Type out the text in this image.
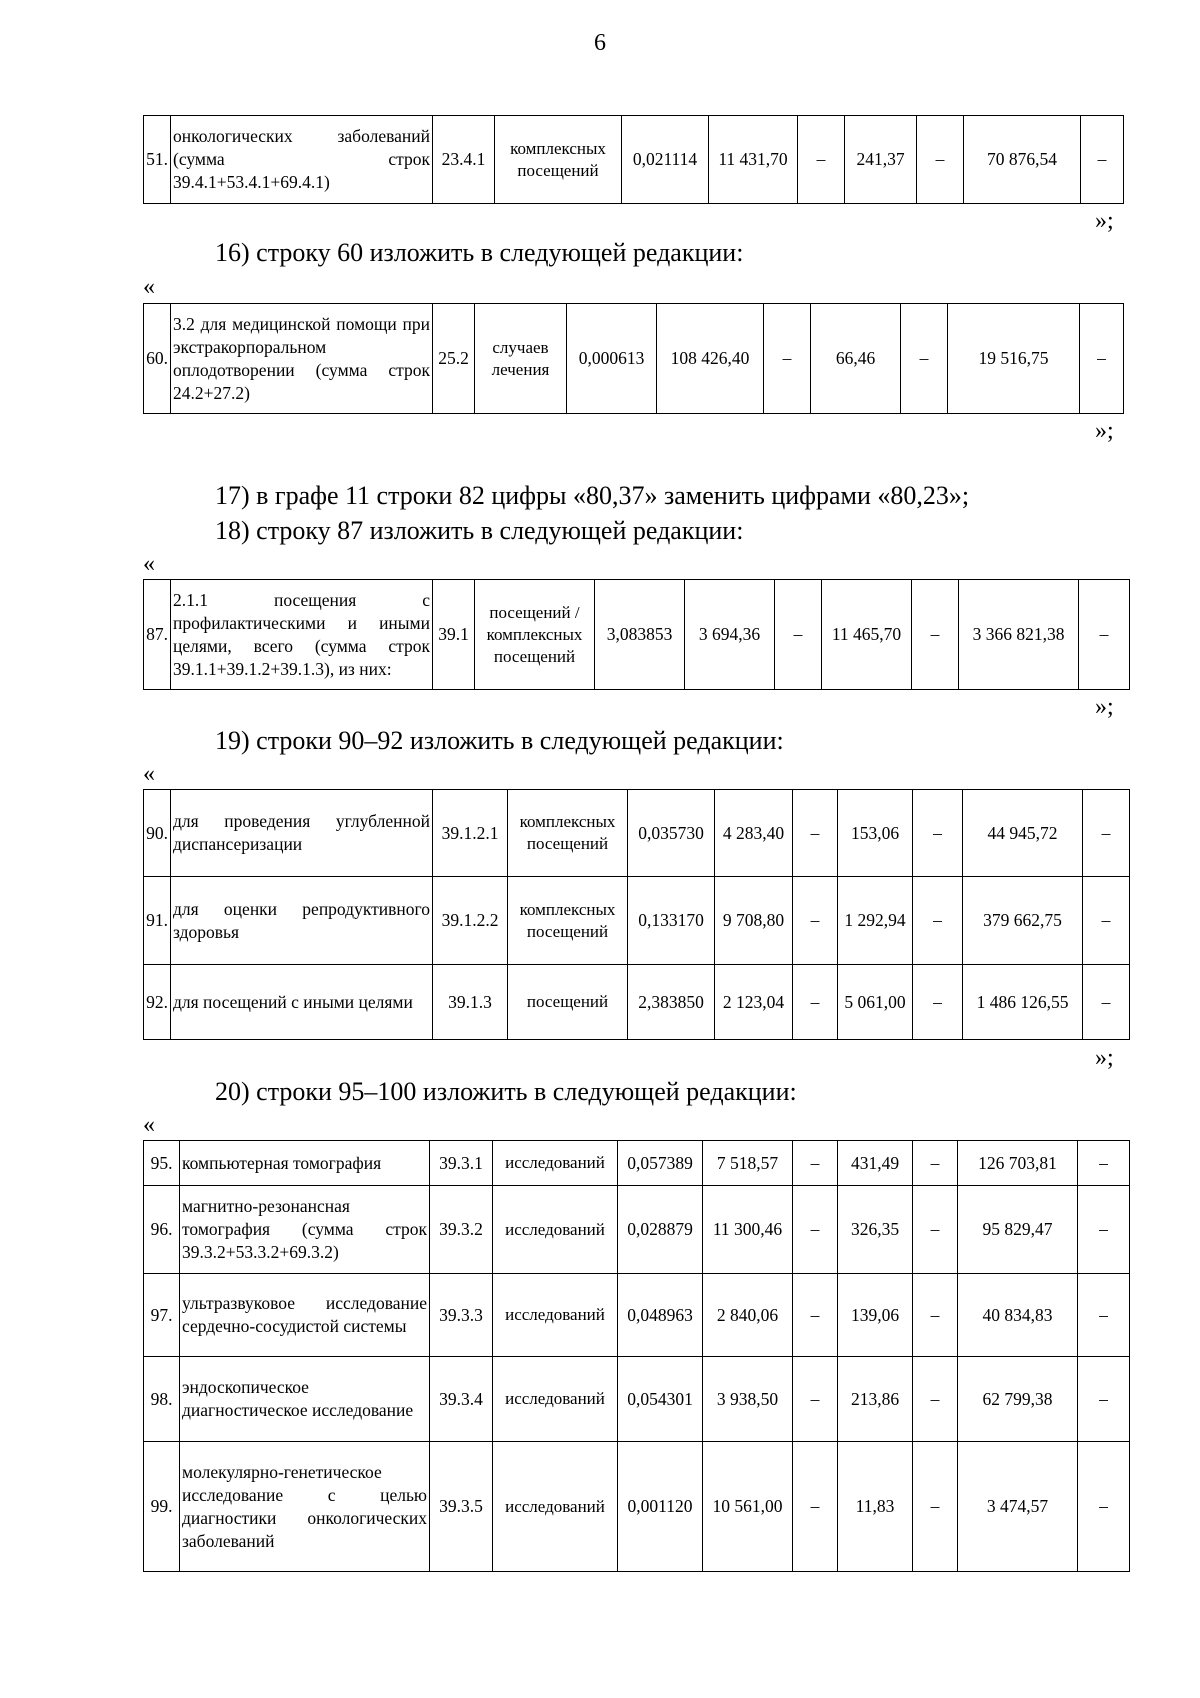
6
51.	онкологических заболеваний (сумма строк 39.4.1+53.4.1+69.4.1)	23.4.1	комплексных посещений	0,021114	11 431,70	–	241,37	–	70 876,54	–
»;
16) строку 60 изложить в следующей редакции:
«
60.	3.2 для медицинской помощи при экстракорпоральном оплодотворении (сумма строк 24.2+27.2)	25.2	случаев лечения	0,000613	108 426,40	–	66,46	–	19 516,75	–
»;
17) в графе 11 строки 82 цифры «80,37» заменить цифрами «80,23»;
18) строку 87 изложить в следующей редакции:
«
87.	2.1.1 посещения с профилактическими и иными целями, всего (сумма строк 39.1.1+39.1.2+39.1.3), из них:	39.1	посещений / комплексных посещений	3,083853	3 694,36	–	11 465,70	–	3 366 821,38	–
»;
19) строки 90–92 изложить в следующей редакции:
«
90.	для проведения углубленной диспансеризации	39.1.2.1	комплексных посещений	0,035730	4 283,40	–	153,06	–	44 945,72	–
91.	для оценки репродуктивного здоровья	39.1.2.2	комплексных посещений	0,133170	9 708,80	–	1 292,94	–	379 662,75	–
92.	для посещений с иными целями	39.1.3	посещений	2,383850	2 123,04	–	5 061,00	–	1 486 126,55	–
»;
20) строки 95–100 изложить в следующей редакции:
«
95.	компьютерная томография	39.3.1	исследований	0,057389	7 518,57	–	431,49	–	126 703,81	–
96.	магнитно-резонансная томография (сумма строк 39.3.2+53.3.2+69.3.2)	39.3.2	исследований	0,028879	11 300,46	–	326,35	–	95 829,47	–
97.	ультразвуковое исследование сердечно-сосудистой системы	39.3.3	исследований	0,048963	2 840,06	–	139,06	–	40 834,83	–
98.	эндоскопическое диагностическое исследование	39.3.4	исследований	0,054301	3 938,50	–	213,86	–	62 799,38	–
99.	молекулярно-генетическое исследование с целью диагностики онкологических заболеваний	39.3.5	исследований	0,001120	10 561,00	–	11,83	–	3 474,57	–
